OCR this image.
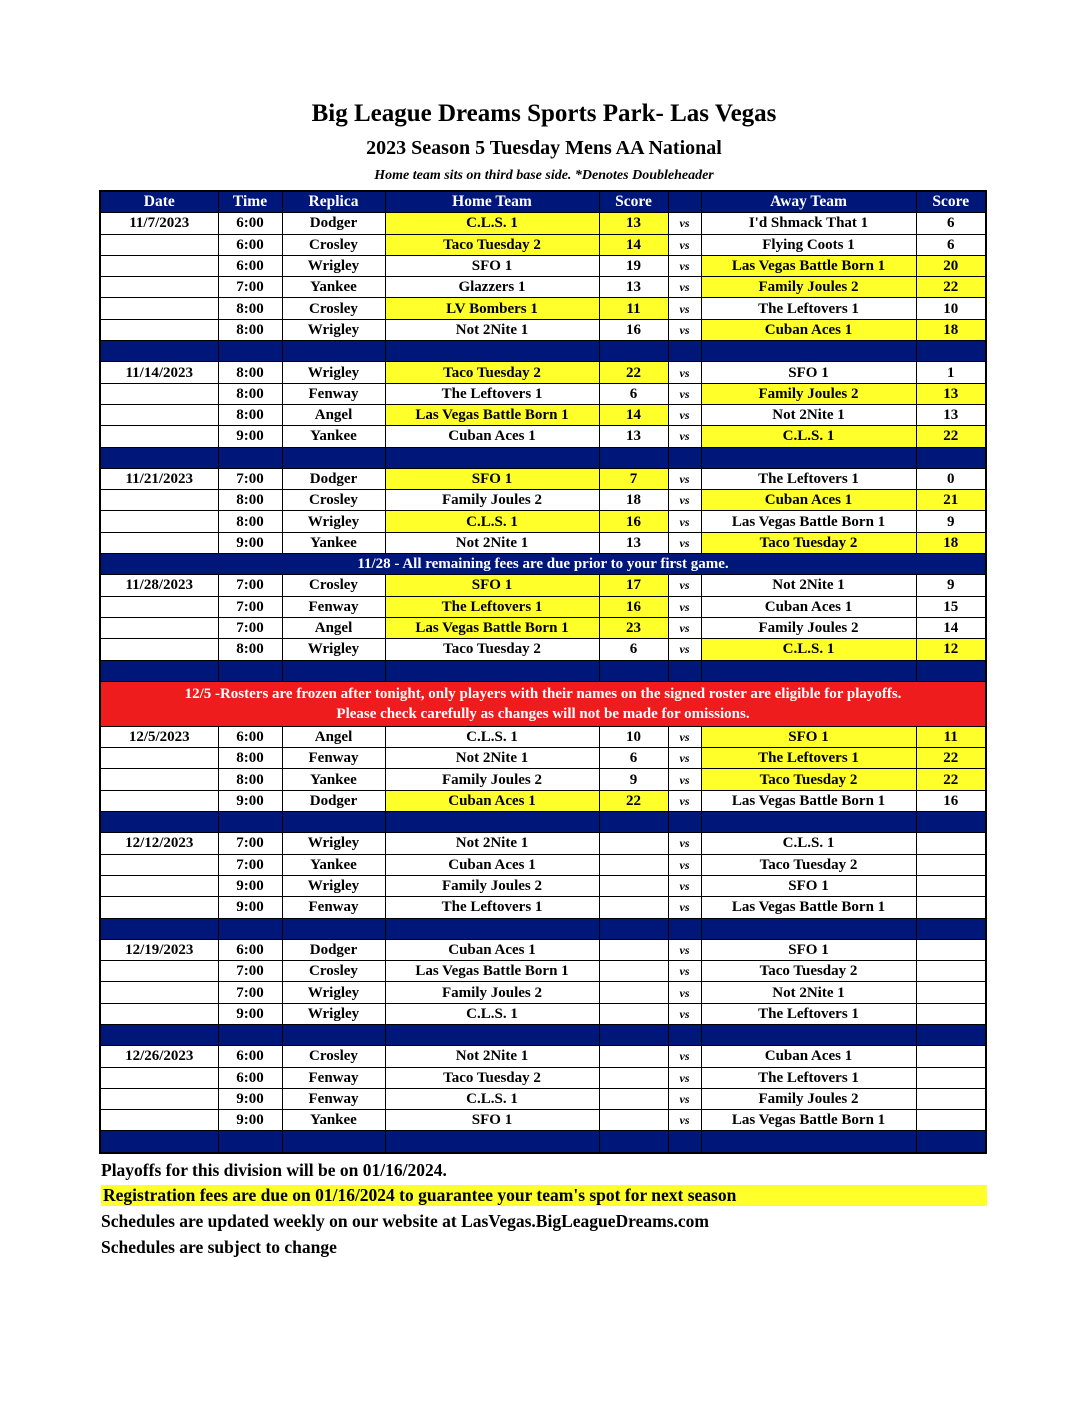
Big League Dreams Sports Park- Las Vegas
2023 Season 5 Tuesday Mens AA National
Home team sits on third base side. *Denotes Doubleheader
Date	Time	Replica	Home Team	Score		Away Team	Score
11/7/2023	6:00	Dodger	C.L.S. 1	13	vs	I'd Shmack That 1	6
	6:00	Crosley	Taco Tuesday 2	14	vs	Flying Coots 1	6
	6:00	Wrigley	SFO 1	19	vs	Las Vegas Battle Born 1	20
	7:00	Yankee	Glazzers 1	13	vs	Family Joules 2	22
	8:00	Crosley	LV Bombers 1	11	vs	The Leftovers 1	10
	8:00	Wrigley	Not 2Nite 1	16	vs	Cuban Aces 1	18

11/14/2023	8:00	Wrigley	Taco Tuesday 2	22	vs	SFO 1	1
	8:00	Fenway	The Leftovers 1	6	vs	Family Joules 2	13
	8:00	Angel	Las Vegas Battle Born 1	14	vs	Not 2Nite 1	13
	9:00	Yankee	Cuban Aces 1	13	vs	C.L.S. 1	22

11/21/2023	7:00	Dodger	SFO 1	7	vs	The Leftovers 1	0
	8:00	Crosley	Family Joules 2	18	vs	Cuban Aces 1	21
	8:00	Wrigley	C.L.S. 1	16	vs	Las Vegas Battle Born 1	9
	9:00	Yankee	Not 2Nite 1	13	vs	Taco Tuesday 2	18
11/28 - All remaining fees are due prior to your first game.							
11/28/2023	7:00	Crosley	SFO 1	17	vs	Not 2Nite 1	9
	7:00	Fenway	The Leftovers 1	16	vs	Cuban Aces 1	15
	7:00	Angel	Las Vegas Battle Born 1	23	vs	Family Joules 2	14
	8:00	Wrigley	Taco Tuesday 2	6	vs	C.L.S. 1	12

12/5 -Rosters are frozen after tonight, only players with their names on the signed roster are eligible for playoffs.
Please check carefully as changes will not be made for omissions.							

12/5/2023	6:00	Angel	C.L.S. 1	10	vs	SFO 1	11
	8:00	Fenway	Not 2Nite 1	6	vs	The Leftovers 1	22
	8:00	Yankee	Family Joules 2	9	vs	Taco Tuesday 2	22
	9:00	Dodger	Cuban Aces 1	22	vs	Las Vegas Battle Born 1	16

12/12/2023	7:00	Wrigley	Not 2Nite 1		vs	C.L.S. 1	
	7:00	Yankee	Cuban Aces 1		vs	Taco Tuesday 2	
	9:00	Wrigley	Family Joules 2		vs	SFO 1	
	9:00	Fenway	The Leftovers 1		vs	Las Vegas Battle Born 1	

12/19/2023	6:00	Dodger	Cuban Aces 1		vs	SFO 1	
	7:00	Crosley	Las Vegas Battle Born 1		vs	Taco Tuesday 2	
	7:00	Wrigley	Family Joules 2		vs	Not 2Nite 1	
	9:00	Wrigley	C.L.S. 1		vs	The Leftovers 1	

12/26/2023	6:00	Crosley	Not 2Nite 1		vs	Cuban Aces 1	
	6:00	Fenway	Taco Tuesday 2		vs	The Leftovers 1	
	9:00	Fenway	C.L.S. 1		vs	Family Joules 2	
	9:00	Yankee	SFO 1		vs	Las Vegas Battle Born 1	

Playoffs for this division will be on 01/16/2024.
Registration fees are due on 01/16/2024 to guarantee your team's spot for next season
Schedules are updated weekly on our website at LasVegas.BigLeagueDreams.com
Schedules are subject to change
